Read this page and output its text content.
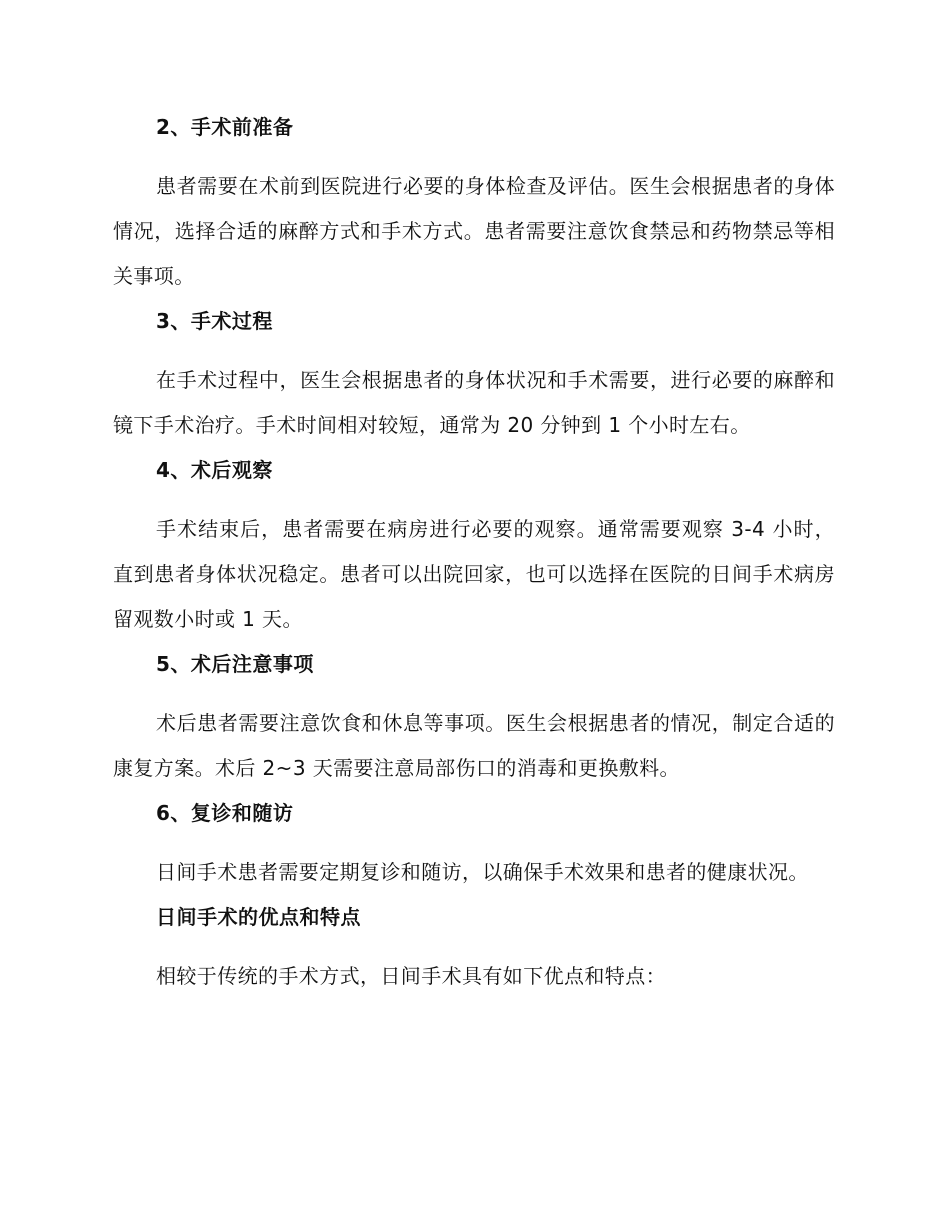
2、手术前准备

患者需要在术前到医院进行必要的身体检查及评估。医生会根据患者的身体情况，选择合适的麻醉方式和手术方式。患者需要注意饮食禁忌和药物禁忌等相关事项。

3、手术过程

在手术过程中，医生会根据患者的身体状况和手术需要，进行必要的麻醉和镜下手术治疗。手术时间相对较短，通常为 20 分钟到 1 个小时左右。

4、术后观察

手术结束后，患者需要在病房进行必要的观察。通常需要观察 3-4 小时，直到患者身体状况稳定。患者可以出院回家，也可以选择在医院的日间手术病房留观数小时或 1 天。

5、术后注意事项

术后患者需要注意饮食和休息等事项。医生会根据患者的情况，制定合适的康复方案。术后 2~3 天需要注意局部伤口的消毒和更换敷料。

6、复诊和随访

日间手术患者需要定期复诊和随访，以确保手术效果和患者的健康状况。

日间手术的优点和特点

相较于传统的手术方式，日间手术具有如下优点和特点：
